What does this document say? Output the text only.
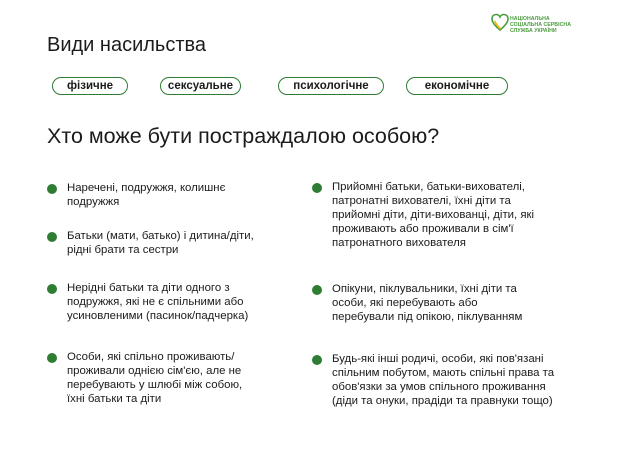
НАЦІОНАЛЬНА
СОЦІАЛЬНА СЕРВІСНА
СЛУЖБА УКРАЇНИ
Види насильства
фізичне	сексуальне	психологічне	економічне
Хто може бути постраждалою особою?
Наречені, подружжя, колишнє
подружжя
Батьки (мати, батько) і дитина/діти,
рідні брати та сестри
Нерідні батьки та діти одного з
подружжя, які не є спільними або
усиновленими (пасинок/падчерка)
Особи, які спільно проживають/
проживали однією сім'єю, але не
перебувають у шлюбі між собою,
їхні батьки та діти
Прийомні батьки, батьки-вихователі,
патронатні вихователі, їхні діти та
прийомні діти, діти-вихованці, діти, які
проживають або проживали в сім'ї
патронатного вихователя
Опікуни, піклувальники, їхні діти та
особи, які перебувають або
перебували під опікою, піклуванням
Будь-які інші родичі, особи, які пов'язані
спільним побутом, мають спільні права та
обов'язки за умов спільного проживання
(діди та онуки, прадіди та правнуки тощо)
